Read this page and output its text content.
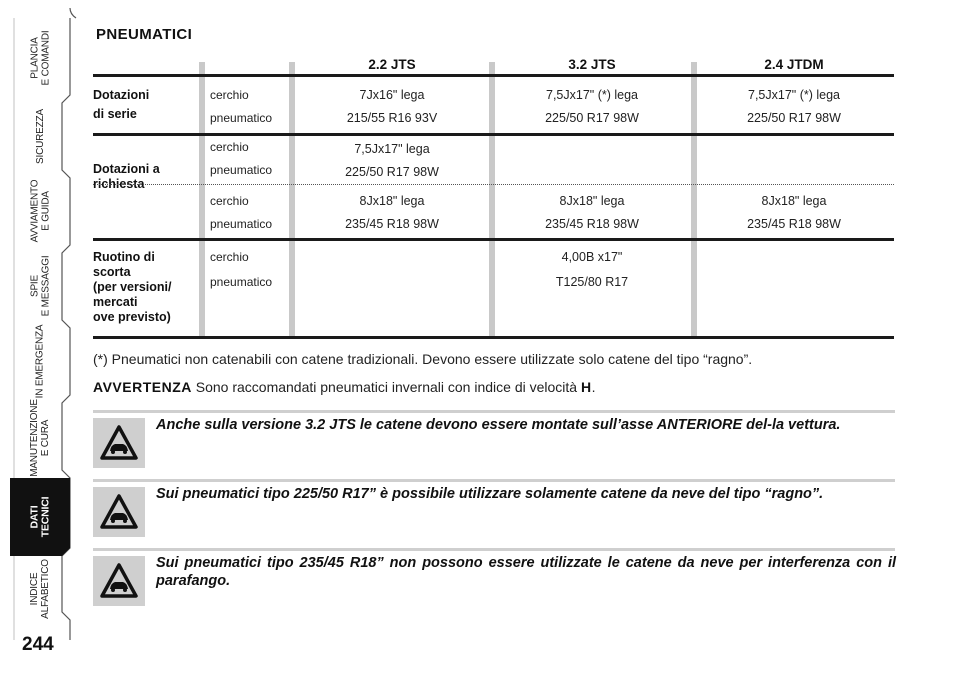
PLANCIA
E COMANDI
SICUREZZA
AVVIAMENTO
E GUIDA
SPIE
E MESSAGGI
IN EMERGENZA
MANUTENZIONE
E CURA
DATI
TECNICI
INDICE
ALFABETICO
244
PNEUMATICI
2.2 JTS	3.2 JTS	2.4 JTDM
Dotazioni
di serie
cerchio
pneumatico
7Jx16" lega
215/55 R16 93V
7,5Jx17" (*) lega
225/50 R17 98W
7,5Jx17" (*) lega
225/50 R17 98W
Dotazioni a
richiesta
cerchio
pneumatico
7,5Jx17" lega
225/50 R17 98W
cerchio
pneumatico
8Jx18" lega
235/45 R18 98W
8Jx18" lega
235/45 R18 98W
8Jx18" lega
235/45 R18 98W
Ruotino di
scorta
(per versioni/
mercati
ove previsto)
cerchio
pneumatico
4,00B x17"
T125/80 R17
(*) Pneumatici non catenabili con catene tradizionali. Devono essere utilizzate solo catene del tipo “ragno”.
AVVERTENZA Sono raccomandati pneumatici invernali con indice di velocità H.
Anche sulla versione 3.2 JTS le catene devono essere montate sull’asse ANTERIORE del-la vettura.
Sui pneumatici tipo 225/50 R17” è possibile utilizzare solamente catene da neve del tipo “ragno”.
Sui pneumatici tipo 235/45 R18” non possono essere utilizzate le catene da neve per interferenza con il parafango.
